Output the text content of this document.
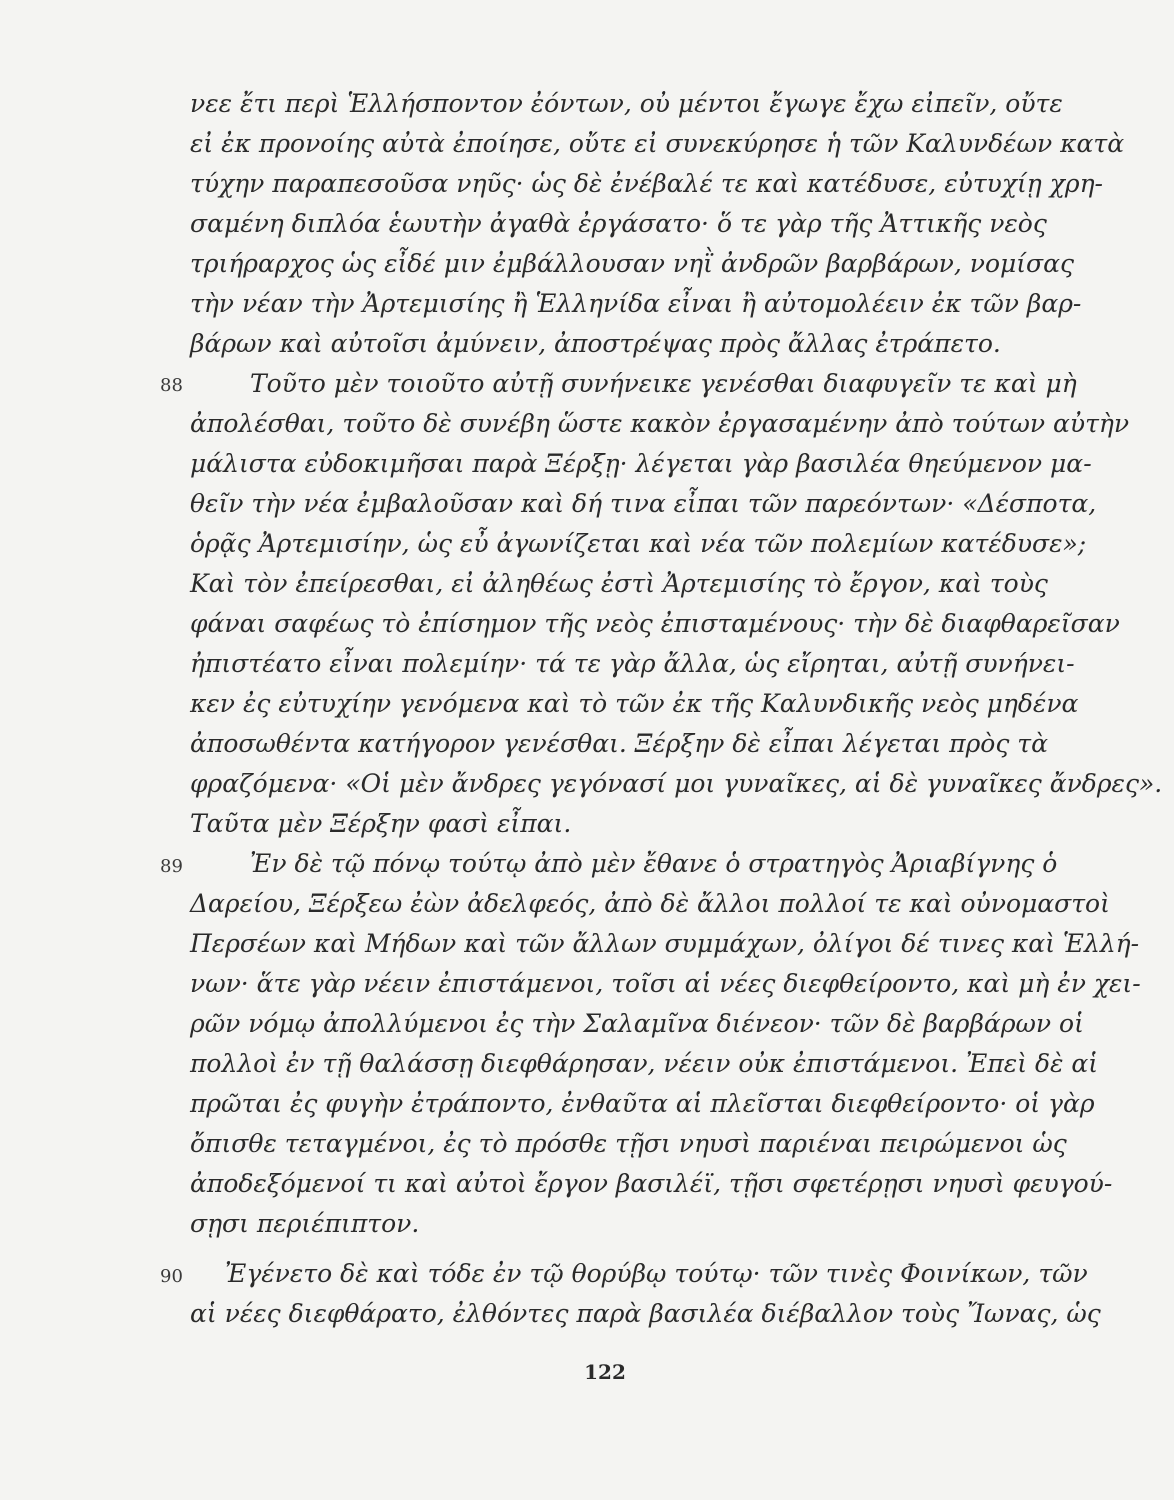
νεε ἔτι περὶ Ἑλλήσποντον ἐόντων, οὐ μέντοι ἔγωγε ἔχω εἰπεῖν, οὔτε
εἰ ἐκ προνοίης αὐτὰ ἐποίησε, οὔτε εἰ συνεκύρησε ἡ τῶν Καλυνδέων κατὰ
τύχην παραπεσοῦσα νηῦς· ὡς δὲ ἐνέβαλέ τε καὶ κατέδυσε, εὐτυχίῃ χρη-
σαμένη διπλόα ἑωυτὴν ἀγαθὰ ἐργάσατο· ὅ τε γὰρ τῆς Ἀττικῆς νεὸς
τριήραρχος ὡς εἶδέ μιν ἐμβάλλουσαν νηῒ ἀνδρῶν βαρβάρων, νομίσας
τὴν νέαν τὴν Ἀρτεμισίης ἢ Ἑλληνίδα εἶναι ἢ αὐτομολέειν ἐκ τῶν βαρ-
βάρων καὶ αὐτοῖσι ἀμύνειν, ἀποστρέψας πρὸς ἄλλας ἐτράπετο.
88	Τοῦτο μὲν τοιοῦτο αὐτῇ συνήνεικε γενέσθαι διαφυγεῖν τε καὶ μὴ
ἀπολέσθαι, τοῦτο δὲ συνέβη ὥστε κακὸν ἐργασαμένην ἀπὸ τούτων αὐτὴν
μάλιστα εὐδοκιμῆσαι παρὰ Ξέρξῃ· λέγεται γὰρ βασιλέα θηεύμενον μα-
θεῖν τὴν νέα ἐμβαλοῦσαν καὶ δή τινα εἶπαι τῶν παρεόντων· «Δέσποτα,
ὁρᾷς Ἀρτεμισίην, ὡς εὖ ἀγωνίζεται καὶ νέα τῶν πολεμίων κατέδυσε»;
Καὶ τὸν ἐπείρεσθαι, εἰ ἀληθέως ἐστὶ Ἀρτεμισίης τὸ ἔργον, καὶ τοὺς
φάναι σαφέως τὸ ἐπίσημον τῆς νεὸς ἐπισταμένους· τὴν δὲ διαφθαρεῖσαν
ἠπιστέατο εἶναι πολεμίην· τά τε γὰρ ἄλλα, ὡς εἴρηται, αὐτῇ συνήνει-
κεν ἐς εὐτυχίην γενόμενα καὶ τὸ τῶν ἐκ τῆς Καλυνδικῆς νεὸς μηδένα
ἀποσωθέντα κατήγορον γενέσθαι. Ξέρξην δὲ εἶπαι λέγεται πρὸς τὰ
φραζόμενα· «Οἱ μὲν ἄνδρες γεγόνασί μοι γυναῖκες, αἱ δὲ γυναῖκες ἄνδρες».
Ταῦτα μὲν Ξέρξην φασὶ εἶπαι.
89	Ἐν δὲ τῷ πόνῳ τούτῳ ἀπὸ μὲν ἔθανε ὁ στρατηγὸς Ἀριαβίγνης ὁ
Δαρείου, Ξέρξεω ἐὼν ἀδελφεός, ἀπὸ δὲ ἄλλοι πολλοί τε καὶ οὐνομαστοὶ
Περσέων καὶ Μήδων καὶ τῶν ἄλλων συμμάχων, ὀλίγοι δέ τινες καὶ Ἑλλή-
νων· ἅτε γὰρ νέειν ἐπιστάμενοι, τοῖσι αἱ νέες διεφθείροντο, καὶ μὴ ἐν χει-
ρῶν νόμῳ ἀπολλύμενοι ἐς τὴν Σαλαμῖνα διένεον· τῶν δὲ βαρβάρων οἱ
πολλοὶ ἐν τῇ θαλάσσῃ διεφθάρησαν, νέειν οὐκ ἐπιστάμενοι. Ἐπεὶ δὲ αἱ
πρῶται ἐς φυγὴν ἐτράποντο, ἐνθαῦτα αἱ πλεῖσται διεφθείροντο· οἱ γὰρ
ὄπισθε τεταγμένοι, ἐς τὸ πρόσθε τῇσι νηυσὶ παριέναι πειρώμενοι ὡς
ἀποδεξόμενοί τι καὶ αὐτοὶ ἔργον βασιλέϊ, τῇσι σφετέρῃσι νηυσὶ φευγού-
σῃσι περιέπιπτον.
90 Ἐγένετο δὲ καὶ τόδε ἐν τῷ θορύβῳ τούτῳ· τῶν τινὲς Φοινίκων, τῶν
αἱ νέες διεφθάρατο, ἐλθόντες παρὰ βασιλέα διέβαλλον τοὺς Ἴωνας, ὡς
122
